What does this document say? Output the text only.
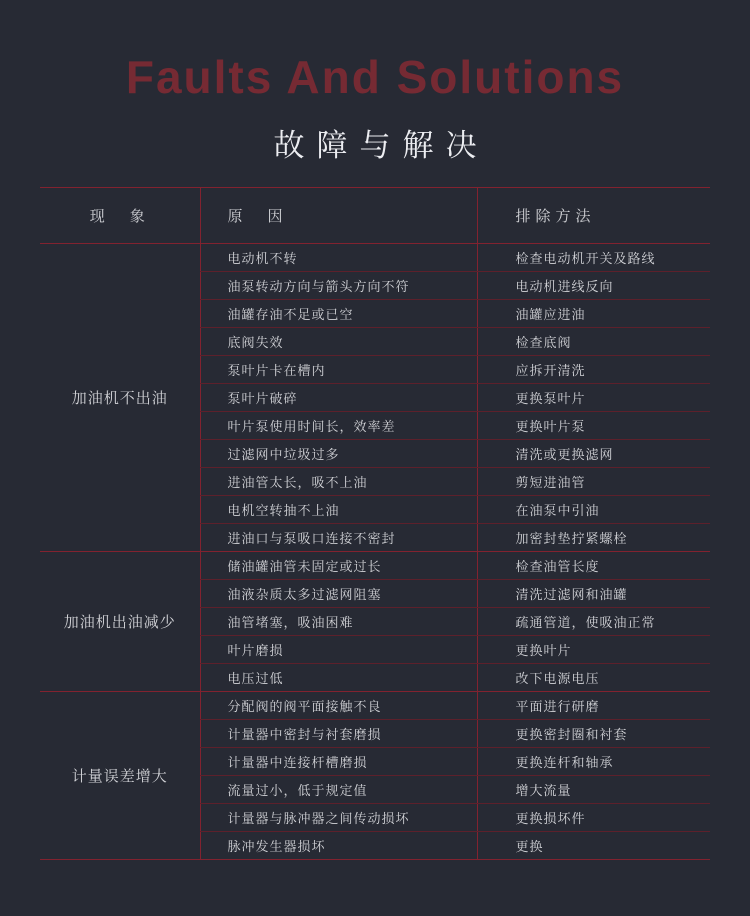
Faults And Solutions
故障与解决
现　象	原　因	排除方法
加油机不出油	电动机不转	检查电动机开关及路线
	油泵转动方向与箭头方向不符	电动机进线反向
	油罐存油不足或已空	油罐应进油
	底阀失效	检查底阀
	泵叶片卡在槽内	应拆开清洗
	泵叶片破碎	更换泵叶片
	叶片泵使用时间长，效率差	更换叶片泵
	过滤网中垃圾过多	清洗或更换滤网
	进油管太长，吸不上油	剪短进油管
	电机空转抽不上油	在油泵中引油
	进油口与泵吸口连接不密封	加密封垫拧紧螺栓
加油机出油减少	储油罐油管未固定或过长	检查油管长度
	油液杂质太多过滤网阻塞	清洗过滤网和油罐
	油管堵塞，吸油困难	疏通管道，使吸油正常
	叶片磨损	更换叶片
	电压过低	改下电源电压
计量误差增大	分配阀的阀平面接触不良	平面进行研磨
	计量器中密封与衬套磨损	更换密封圈和衬套
	计量器中连接杆槽磨损	更换连杆和轴承
	流量过小，低于规定值	增大流量
	计量器与脉冲器之间传动损坏	更换损坏件
	脉冲发生器损坏	更换
